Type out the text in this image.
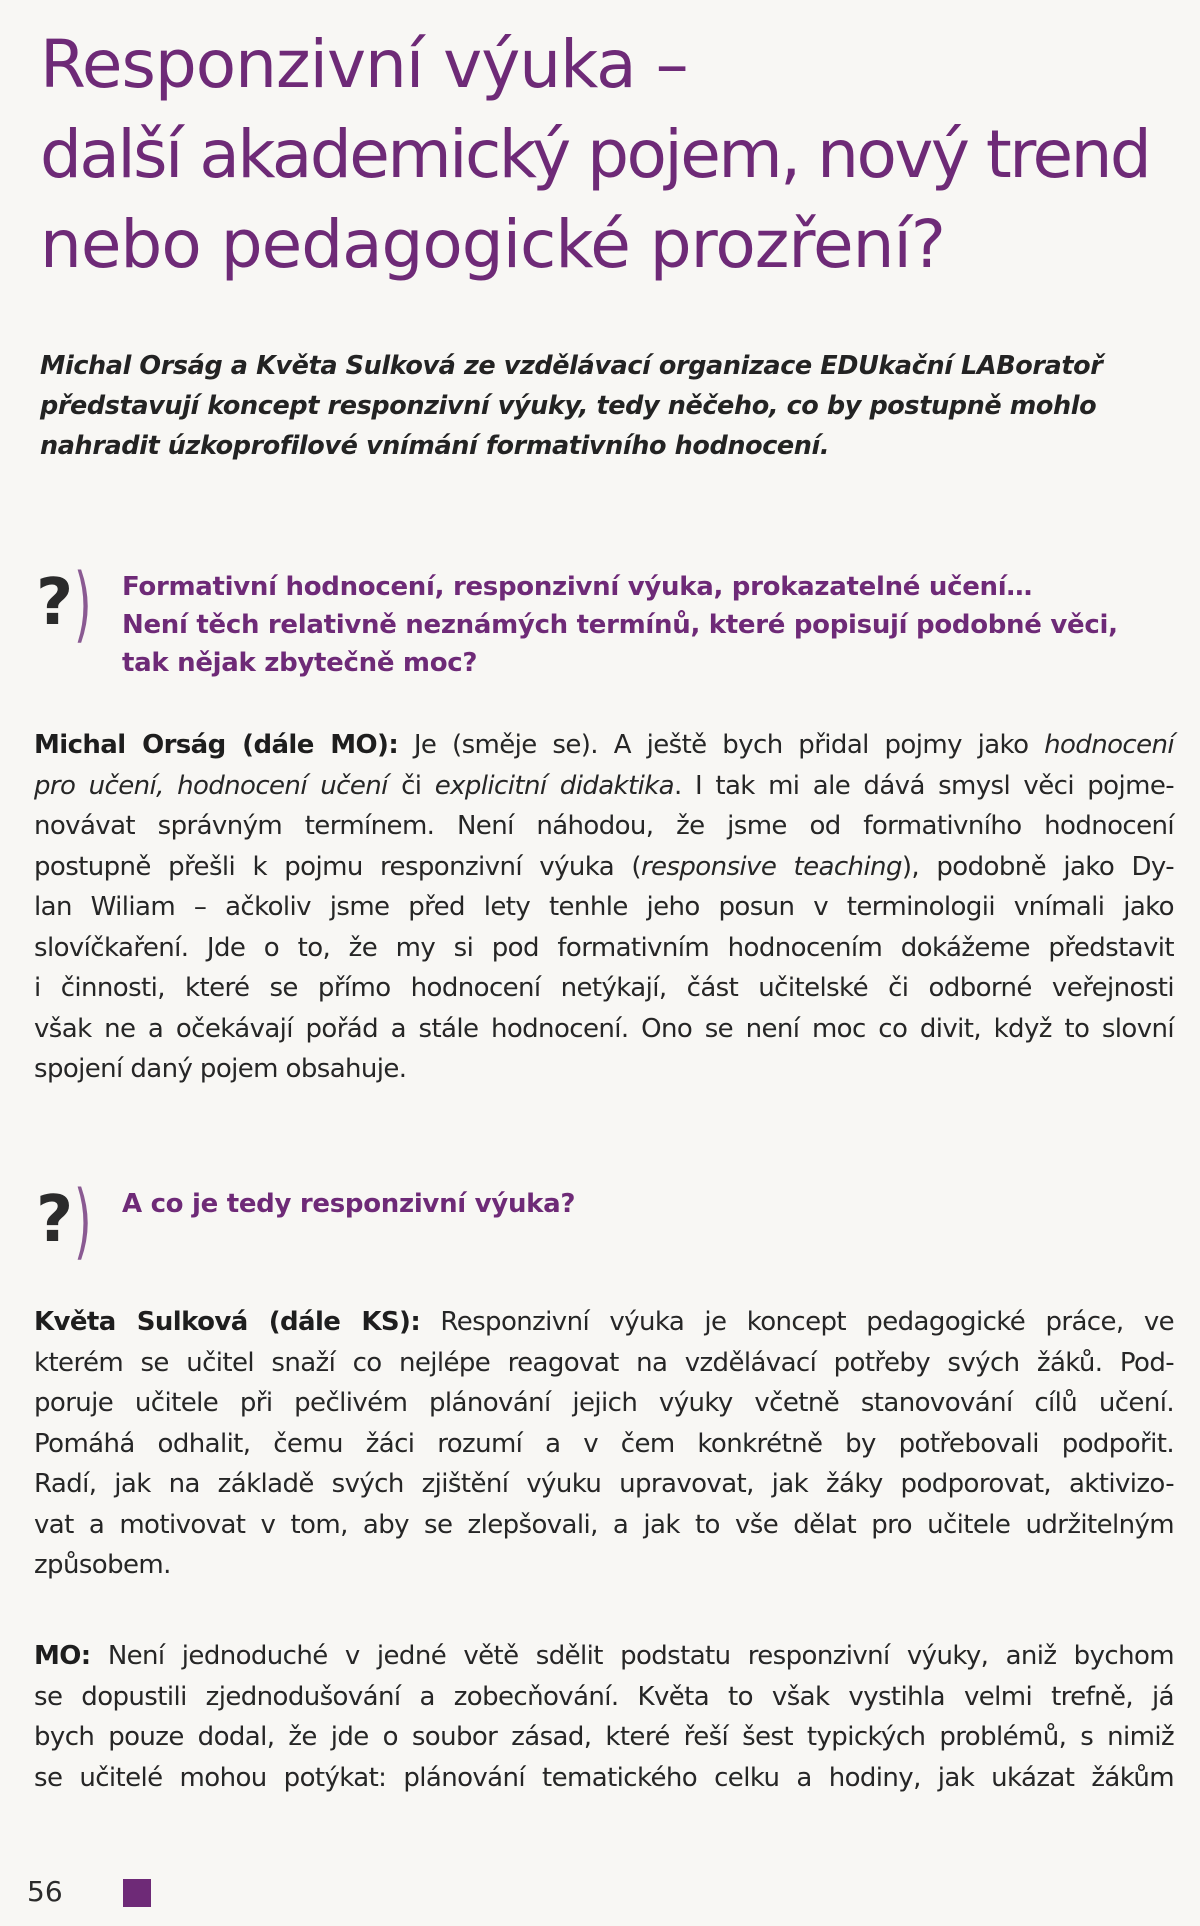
Responzivní výuka –
další akademický pojem, nový trend
nebo pedagogické prozření?

Michal Orság a Květa Sulková ze vzdělávací organizace EDUkační LABoratoř
představují koncept responzivní výuky, tedy něčeho, co by postupně mohlo
nahradit úzkoprofilové vnímání formativního hodnocení.

? ) Formativní hodnocení, responzivní výuka, prokazatelné učení…
Není těch relativně neznámých termínů, které popisují podobné věci,
tak nějak zbytečně moc?

Michal Orság (dále MO): Je (směje se). A ještě bych přidal pojmy jako hodnocení
pro učení, hodnocení učení či explicitní didaktika. I tak mi ale dává smysl věci pojme-
novávat správným termínem. Není náhodou, že jsme od formativního hodnocení
postupně přešli k pojmu responzivní výuka (responsive teaching), podobně jako Dy-
lan Wiliam – ačkoliv jsme před lety tenhle jeho posun v terminologii vnímali jako
slovíčkaření. Jde o to, že my si pod formativním hodnocením dokážeme představit
i činnosti, které se přímo hodnocení netýkají, část učitelské či odborné veřejnosti
však ne a očekávají pořád a stále hodnocení. Ono se není moc co divit, když to slovní
spojení daný pojem obsahuje.
? ) A co je tedy responzivní výuka?

Květa Sulková (dále KS): Responzivní výuka je koncept pedagogické práce, ve
kterém se učitel snaží co nejlépe reagovat na vzdělávací potřeby svých žáků. Pod-
poruje učitele při pečlivém plánování jejich výuky včetně stanovování cílů učení.
Pomáhá odhalit, čemu žáci rozumí a v čem konkrétně by potřebovali podpořit.
Radí, jak na základě svých zjištění výuku upravovat, jak žáky podporovat, aktivizo-
vat a motivovat v tom, aby se zlepšovali, a jak to vše dělat pro učitele udržitelným
způsobem.
MO: Není jednoduché v jedné větě sdělit podstatu responzivní výuky, aniž bychom
se dopustili zjednodušování a zobecňování. Květa to však vystihla velmi trefně, já
bych pouze dodal, že jde o soubor zásad, které řeší šest typických problémů, s nimiž
se učitelé mohou potýkat: plánování tematického celku a hodiny, jak ukázat žákům
56
